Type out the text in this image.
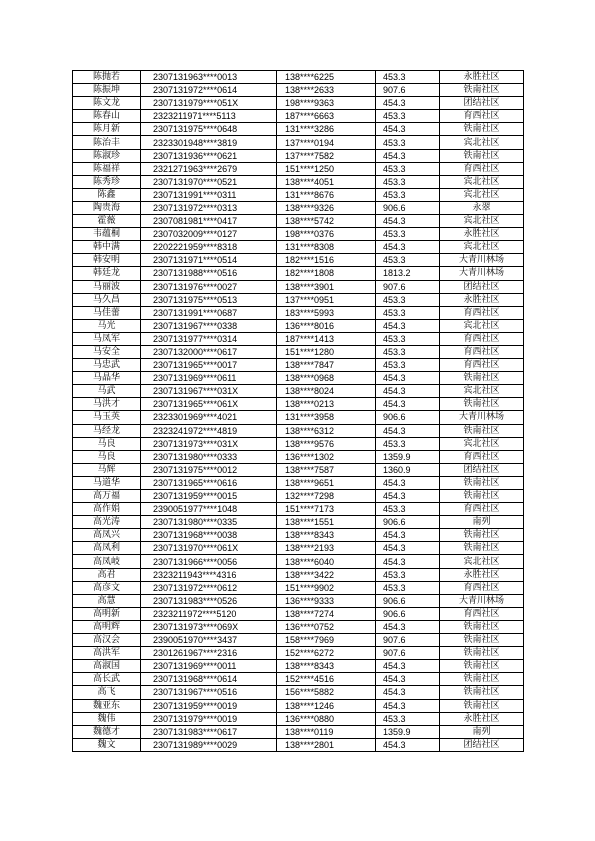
陈抛若	2307131963****0013	138****6225	453.3	永胜社区
陈振坤	2307131972****0614	138****2633	907.6	铁南社区
陈文龙	2307131979****051X	198****9363	454.3	团结社区
陈春山	2323211971****5113	187****6663	453.3	育西社区
陈月新	2307131975****0648	131****3286	454.3	铁南社区
陈治丰	2323301948****3819	137****0194	453.3	宾北社区
陈淑珍	2307131936****0621	137****7582	454.3	铁南社区
陈福祥	2321271963****2679	151****1250	453.3	育西社区
陈秀珍	2307131970****0521	138****4051	453.3	宾北社区
陈鑫	2307131991****0311	131****8676	453.3	宾北社区
陶贵海	2307131972****0313	138****9326	906.6	永翠
霍薇	2307081981****0417	138****5742	454.3	宾北社区
韦蕴桐	2307032009****0127	198****0376	453.3	永胜社区
韩中满	2202221959****8318	131****8308	454.3	宾北社区
韩安明	2307131971****0514	182****1516	453.3	大青川林场
韩廷龙	2307131988****0516	182****1808	1813.2	大青川林场
马丽波	2307131976****0027	138****3901	907.6	团结社区
马久昌	2307131975****0513	137****0951	453.3	永胜社区
马佳蕾	2307131991****0687	183****5993	453.3	育西社区
马光	2307131967****0338	136****8016	454.3	宾北社区
马凤军	2307131977****0314	187****1413	453.3	育西社区
马安全	2307132000****0617	151****1280	453.3	育西社区
马忠武	2307131965****0017	138****7847	453.3	育西社区
马晶华	2307131969****0611	138****0968	454.3	铁南社区
马武	2307131967****031X	138****8024	454.3	宾北社区
马洪才	2307131965****061X	138****0213	454.3	铁南社区
马玉英	2323301969****4021	131****3958	906.6	大青川林场
马经龙	2323241972****4819	138****6312	454.3	铁南社区
马良	2307131973****031X	138****9576	453.3	宾北社区
马良	2307131980****0333	136****1302	1359.9	育西社区
马辉	2307131975****0012	138****7587	1360.9	团结社区
马道华	2307131965****0616	138****9651	454.3	铁南社区
高万福	2307131959****0015	132****7298	454.3	铁南社区
高作娟	2390051977****1048	151****7173	453.3	育西社区
高光涛	2307131980****0335	138****1551	906.6	南列
高凤兴	2307131968****0038	138****8343	454.3	铁南社区
高凤利	2307131970****061X	138****2193	454.3	铁南社区
高凤岐	2307131966****0056	138****6040	454.3	宾北社区
高君	2323211943****4316	138****3422	453.3	永胜社区
高彦文	2307131972****0612	151****9902	453.3	育西社区
高慧	2307131983****0526	136****9333	906.6	大青川林场
高明新	2323211972****5120	138****7274	906.6	育西社区
高明辉	2307131973****069X	136****0752	454.3	铁南社区
高汉会	2390051970****3437	158****7969	907.6	铁南社区
高洪军	2301261967****2316	152****6272	907.6	铁南社区
高淑国	2307131969****0011	138****8343	454.3	铁南社区
高长武	2307131968****0614	152****4516	454.3	铁南社区
高飞	2307131967****0516	156****5882	454.3	铁南社区
魏亚东	2307131959****0019	138****1246	454.3	铁南社区
魏伟	2307131979****0019	136****0880	453.3	永胜社区
魏德才	2307131983****0617	138****0119	1359.9	南列
魏文	2307131989****0029	138****2801	454.3	团结社区
